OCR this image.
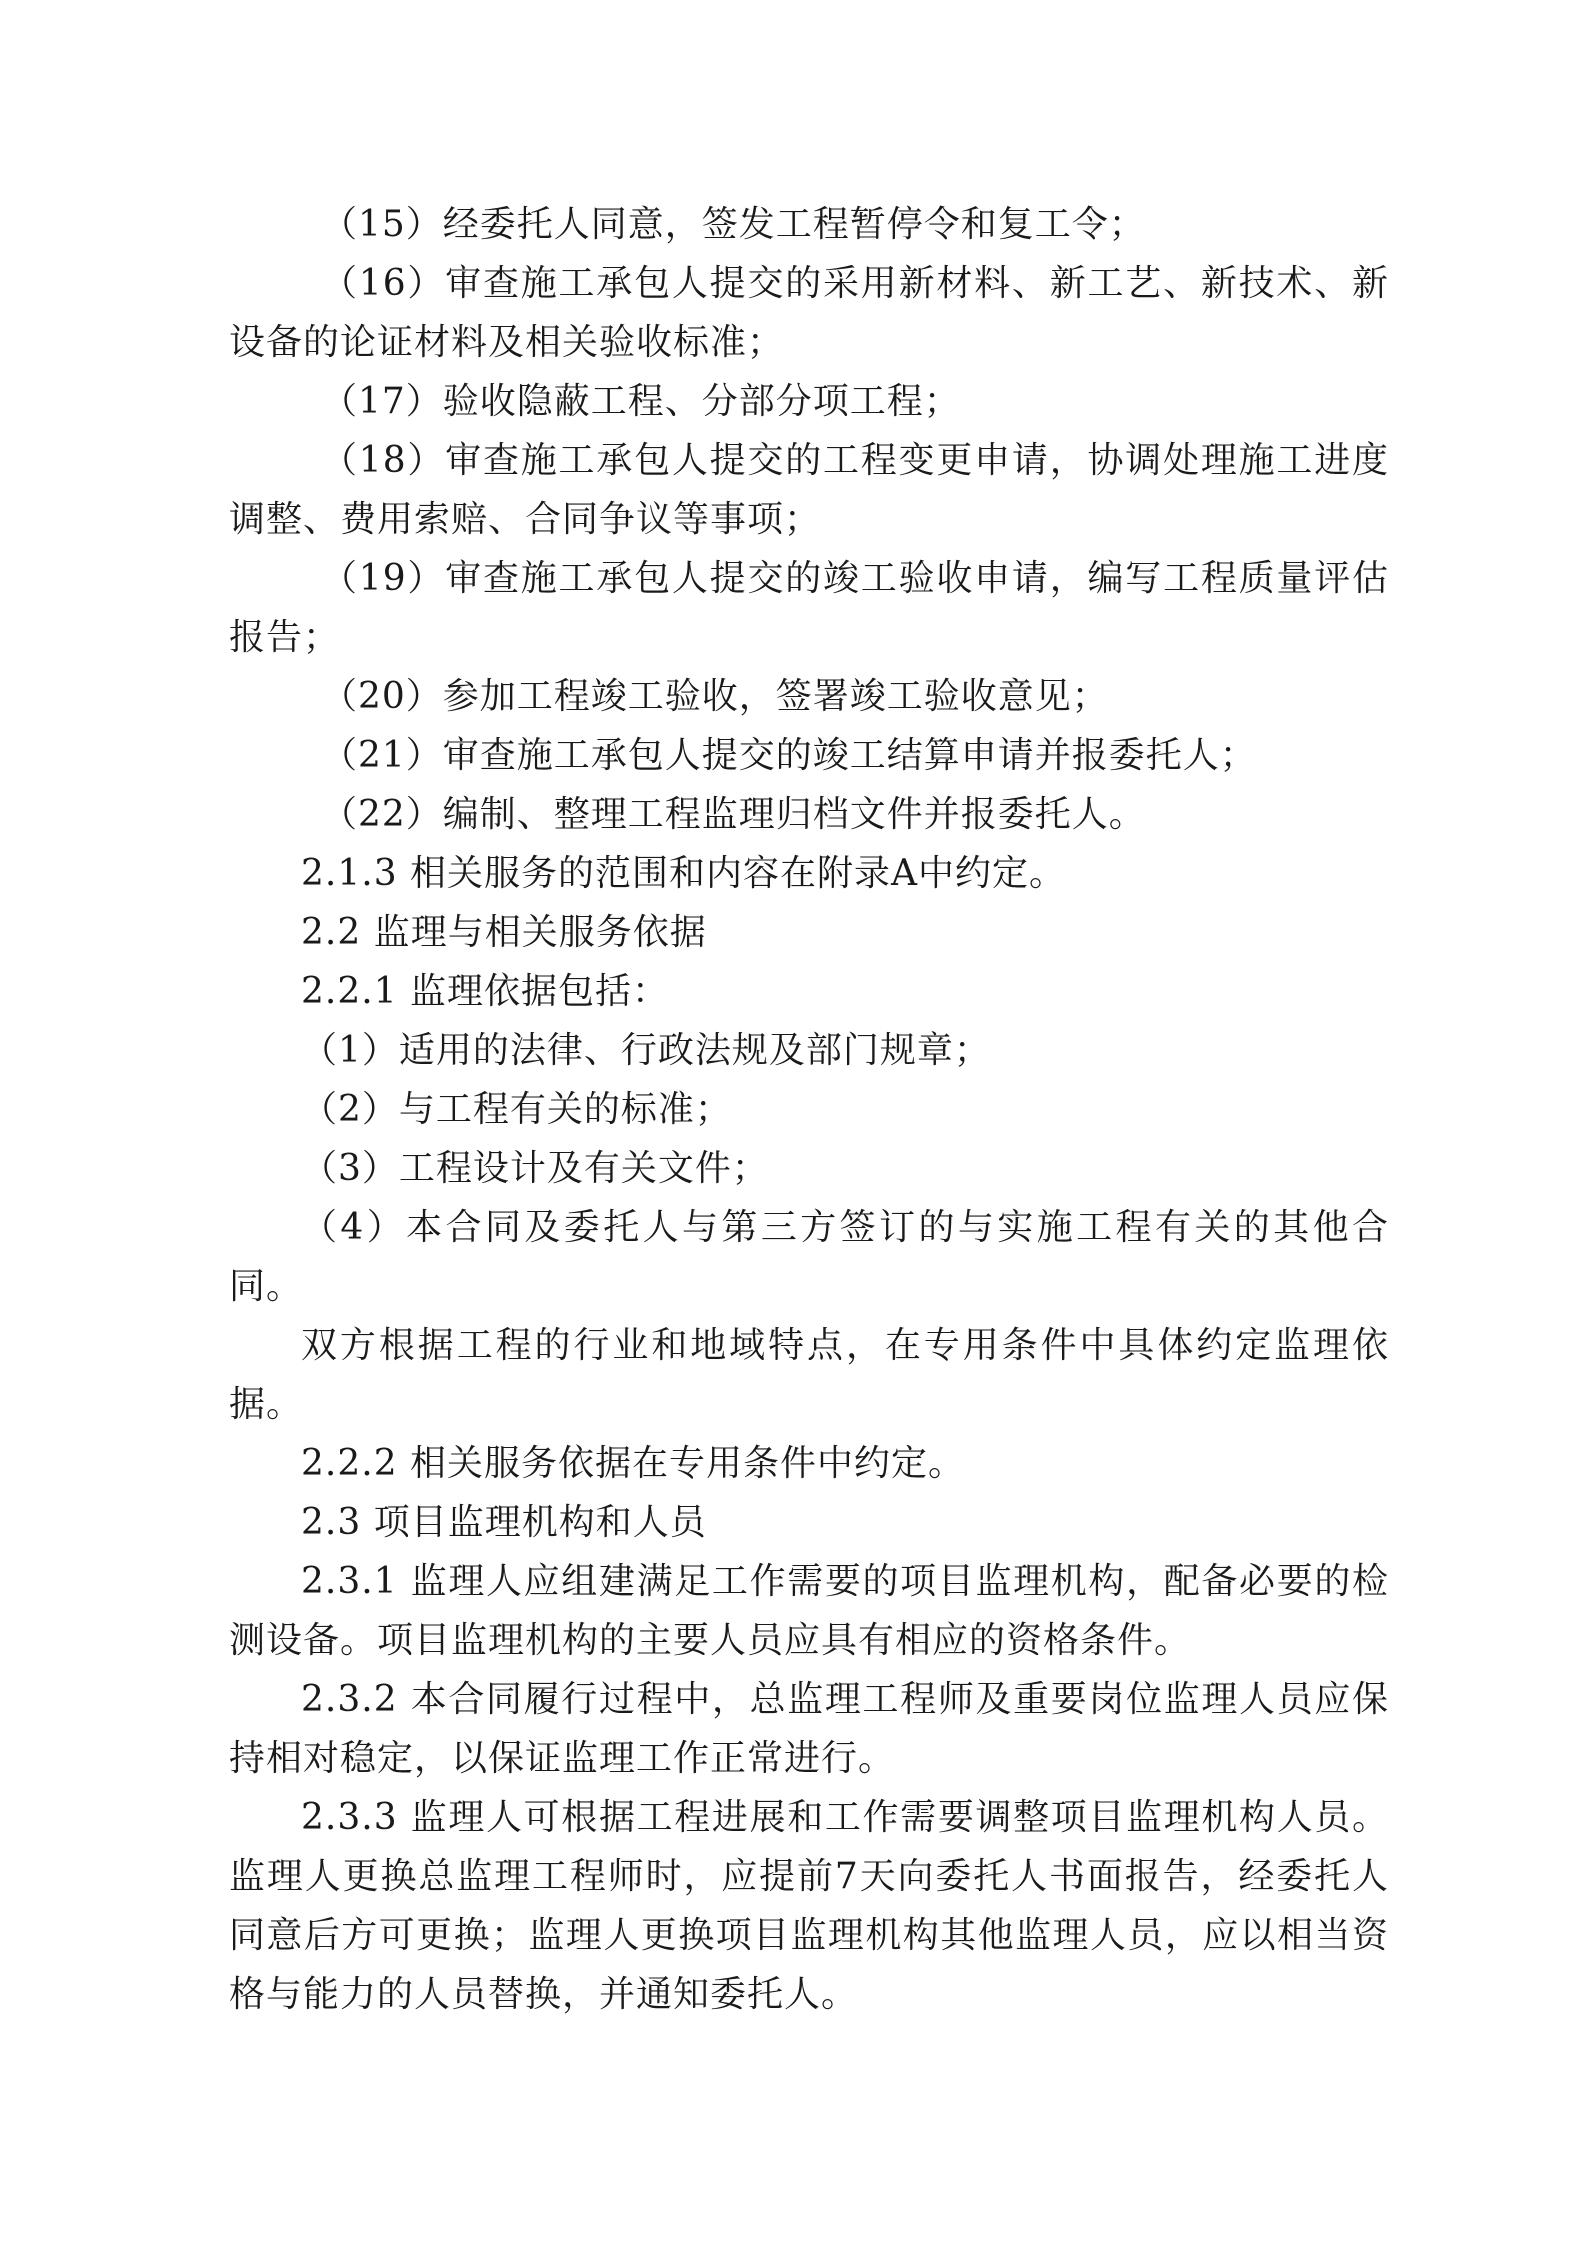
（15）经委托人同意，签发工程暂停令和复工令；

（16）审查施工承包人提交的采用新材料、新工艺、新技术、新设备的论证材料及相关验收标准；

（17）验收隐蔽工程、分部分项工程；

（18）审查施工承包人提交的工程变更申请，协调处理施工进度调整、费用索赔、合同争议等事项；

（19）审查施工承包人提交的竣工验收申请，编写工程质量评估报告；

（20）参加工程竣工验收，签署竣工验收意见；

（21）审查施工承包人提交的竣工结算申请并报委托人；

（22）编制、整理工程监理归档文件并报委托人。

2.1.3 相关服务的范围和内容在附录A中约定。

2.2 监理与相关服务依据

2.2.1 监理依据包括：

（1）适用的法律、行政法规及部门规章；

（2）与工程有关的标准；

（3）工程设计及有关文件；

（4）本合同及委托人与第三方签订的与实施工程有关的其他合同。

双方根据工程的行业和地域特点，在专用条件中具体约定监理依据。

2.2.2 相关服务依据在专用条件中约定。

2.3 项目监理机构和人员

2.3.1 监理人应组建满足工作需要的项目监理机构，配备必要的检测设备。项目监理机构的主要人员应具有相应的资格条件。

2.3.2 本合同履行过程中，总监理工程师及重要岗位监理人员应保持相对稳定，以保证监理工作正常进行。

2.3.3 监理人可根据工程进展和工作需要调整项目监理机构人员。监理人更换总监理工程师时，应提前7天向委托人书面报告，经委托人同意后方可更换；监理人更换项目监理机构其他监理人员，应以相当资格与能力的人员替换，并通知委托人。
